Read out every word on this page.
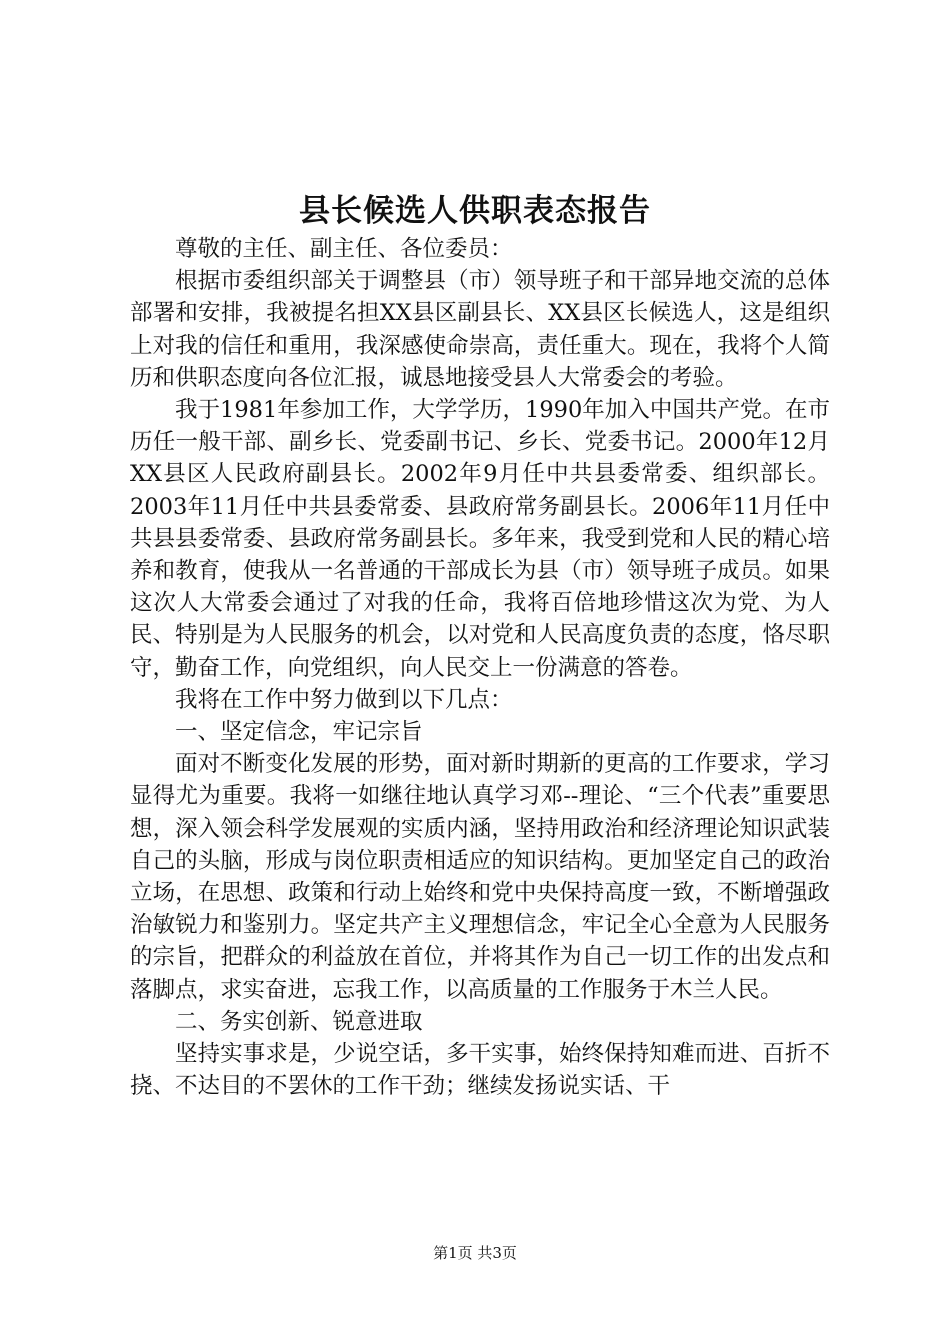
县长候选人供职表态报告

尊敬的主任、副主任、各位委员：

根据市委组织部关于调整县（市）领导班子和干部异地交流的总体部署和安排，我被提名担XX县区副县长、XX县区长候选人，这是组织上对我的信任和重用，我深感使命崇高，责任重大。现在，我将个人简历和供职态度向各位汇报，诚恳地接受县人大常委会的考验。

我于1981年参加工作，大学学历，1990年加入中国共产党。在市历任一般干部、副乡长、党委副书记、乡长、党委书记。2000年12月XX县区人民政府副县长。2002年9月任中共县委常委、组织部长。2003年11月任中共县委常委、县政府常务副县长。2006年11月任中共县县委常委、县政府常务副县长。多年来，我受到党和人民的精心培养和教育，使我从一名普通的干部成长为县（市）领导班子成员。如果这次人大常委会通过了对我的任命，我将百倍地珍惜这次为党、为人民、特别是为人民服务的机会，以对党和人民高度负责的态度，恪尽职守，勤奋工作，向党组织，向人民交上一份满意的答卷。

我将在工作中努力做到以下几点：

一、坚定信念，牢记宗旨

面对不断变化发展的形势，面对新时期新的更高的工作要求，学习显得尤为重要。我将一如继往地认真学习邓--理论、“三个代表”重要思想，深入领会科学发展观的实质内涵，坚持用政治和经济理论知识武装自己的头脑，形成与岗位职责相适应的知识结构。更加坚定自己的政治立场，在思想、政策和行动上始终和党中央保持高度一致，不断增强政治敏锐力和鉴别力。坚定共产主义理想信念，牢记全心全意为人民服务的宗旨，把群众的利益放在首位，并将其作为自己一切工作的出发点和落脚点，求实奋进，忘我工作，以高质量的工作服务于木兰人民。

二、务实创新、锐意进取

坚持实事求是，少说空话，多干实事，始终保持知难而进、百折不挠、不达目的不罢休的工作干劲；继续发扬说实话、干

第1页 共3页
